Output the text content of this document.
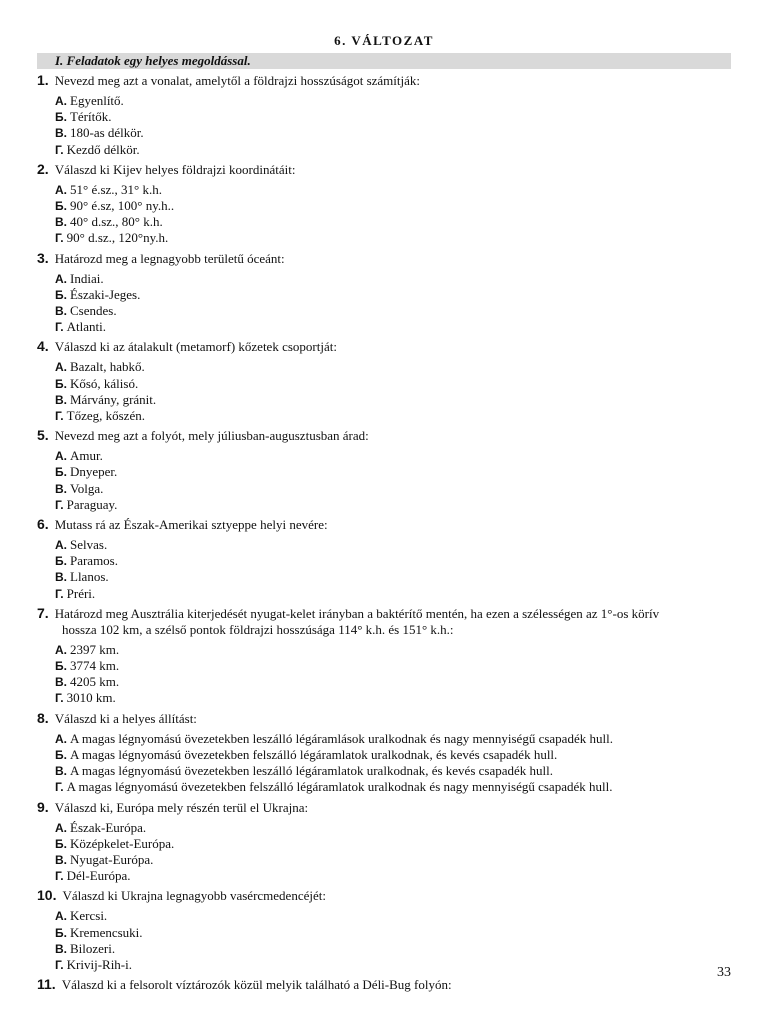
6. VÁLTOZAT
I. Feladatok egy helyes megoldással.
1. Nevezd meg azt a vonalat, amelytől a földrajzi hosszúságot számítják:
A. Egyenlítő.
Б. Térítők.
B. 180-as délkör.
Г. Kezdő délkör.
2. Válaszd ki Kijev helyes földrajzi koordinátáit:
A. 51° é.sz., 31° k.h.
Б. 90° é.sz, 100° ny.h..
B. 40° d.sz., 80° k.h.
Г. 90° d.sz., 120°ny.h.
3. Határozd meg a legnagyobb területű óceánt:
A. Indiai.
Б. Északi-Jeges.
B. Csendes.
Г. Atlanti.
4. Válaszd ki az átalakult (metamorf) kőzetek csoportját:
A. Bazalt, habkő.
Б. Kősó, kálisó.
B. Márvány, gránit.
Г. Tőzeg, kőszén.
5. Nevezd meg azt a folyót, mely júliusban-augusztusban árad:
A. Amur.
Б. Dnyeper.
B. Volga.
Г. Paraguay.
6. Mutass rá az Észak-Amerikai sztyeppe helyi nevére:
A. Selvas.
Б. Paramos.
B. Llanos.
Г. Préri.
7. Határozd meg Ausztrália kiterjedését nyugat-kelet irányban a baktérítő mentén, ha ezen a szélességen az 1°-os körív
hossza 102 km, a szélső pontok földrajzi hosszúsága 114° k.h. és 151° k.h.:
A. 2397 km.
Б. 3774 km.
B. 4205 km.
Г. 3010 km.
8. Válaszd ki a helyes állítást:
A. A magas légnyomású övezetekben leszálló légáramlások uralkodnak és nagy mennyiségű csapadék hull.
Б. A magas légnyomású övezetekben felszálló légáramlatok uralkodnak, és kevés csapadék hull.
B. A magas légnyomású övezetekben leszálló légáramlatok uralkodnak, és kevés csapadék hull.
Г. A magas légnyomású övezetekben felszálló légáramlatok uralkodnak és nagy mennyiségű csapadék hull.
9. Válaszd ki, Európa mely részén terül el Ukrajna:
A. Észak-Európa.
Б. Középkelet-Európa.
B. Nyugat-Európa.
Г. Dél-Európa.
10. Válaszd ki Ukrajna legnagyobb vasércmedencéjét:
A. Kercsi.
Б. Kremencsuki.
B. Bilozeri.
Г. Krivij-Rih-i.
11. Válaszd ki a felsorolt víztározók közül melyik található a Déli-Bug folyón:
33
